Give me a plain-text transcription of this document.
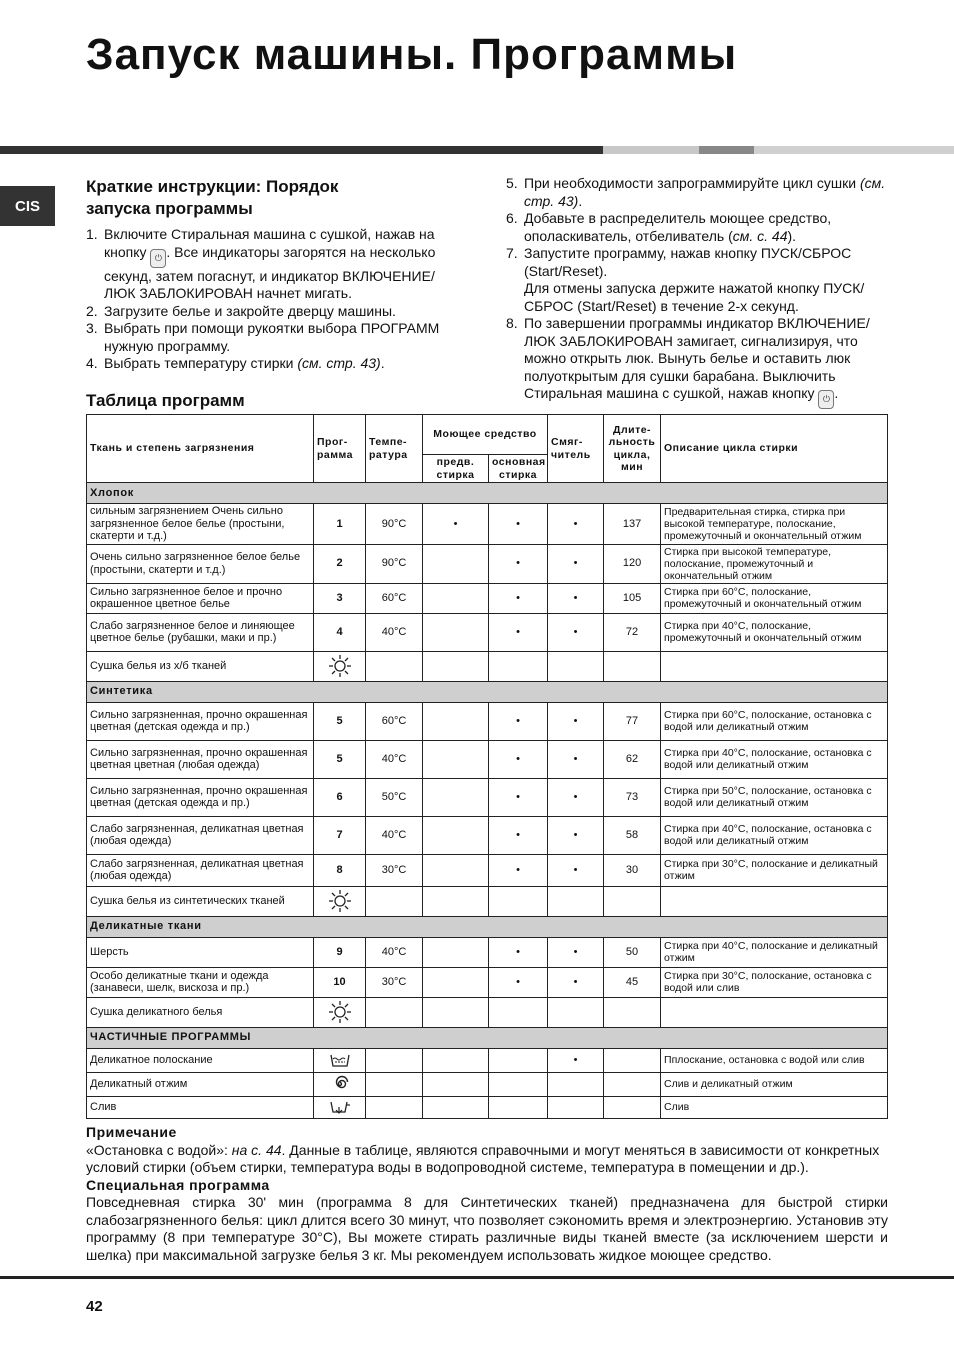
Запуск машины. Программы
CIS
Краткие инструкции: Порядок
запуска программы
1. Включите Стиральная машина с сушкой, нажав на кнопку ⏻ . Все индикаторы загорятся на несколько секунд, затем погаснут, и индикатор ВКЛЮЧЕНИЕ/ЛЮК ЗАБЛОКИРОВАН начнет мигать.
2. Загрузите белье и закройте дверцу машины.
3. Выбрать при помощи рукоятки выбора ПРОГРАММ нужную программу.
4. Выбрать температуру стирки (см. стр. 43).
5. При необходимости запрограммируйте цикл сушки (см. стр. 43).
6. Добавьте в распределитель моющее средство, ополаскиватель, отбеливатель (см. с. 44).
7. Запустите программу, нажав кнопку ПУСК/СБРОС (Start/Reset).
Для отмены запуска держите нажатой кнопку ПУСК/СБРОС (Start/Reset) в течение 2-х секунд.
8. По завершении программы индикатор ВКЛЮЧЕНИЕ/ЛЮК ЗАБЛОКИРОВАН замигает, сигнализируя, что можно открыть люк. Вынуть белье и оставить люк полуоткрытым для сушки барабана. Выключить Стиральная машина с сушкой, нажав кнопку ⏻ .
Таблица программ
Ткань и степень загрязнения	Прог-рамма	Темпе-ратура	Моющее средство		Смяг-читель	Длите-льность цикла, мин	Описание цикла стирки
			предв. стирка	основная стирка			
Хлопок							
сильным загрязнением Очень сильно загрязненное белое белье (простыни, скатерти и т.д.)	1	90°C	•	•	•	137	Предварительная стирка, стирка при высокой температуре, полоскание, промежуточный и окончательный отжим
Очень сильно загрязненное белое белье (простыни, скатерти и т.д.)	2	90°C		•	•	120	Стирка при высокой температуре, полоскание, промежуточный и окончательный отжим
Сильно загрязненное белое и прочно окрашенное цветное белье	3	60°C		•	•	105	Стирка при 60°С, полоскание, промежуточный и окончательный отжим
Слабо загрязненное белое и линяющее цветное белье (рубашки, маки и пр.)	4	40°C		•	•	72	Стирка при 40°С, полоскание, промежуточный и окончательный отжим
Сушка белья из х/б тканей	

Синтетика							
Сильно загрязненная, прочно окрашенная цветная (детская одежда и пр.)	5	60°C		•	•	77	Стирка при 60°С, полоскание, остановка с водой или деликатный отжим
Сильно загрязненная, прочно окрашенная цветная цветная (любая одежда)	5	40°C		•	•	62	Стирка при 40°С, полоскание, остановка с водой или деликатный отжим
Сильно загрязненная, прочно окрашенная цветная (детская одежда и пр.)	6	50°C		•	•	73	Стирка при 50°С, полоскание, остановка с водой или деликатный отжим
Слабо загрязненная, деликатная цветная (любая одежда)	7	40°C		•	•	58	Стирка при 40°С, полоскание, остановка с водой или деликатный отжим
Слабо загрязненная, деликатная цветная (любая одежда)	8	30°C		•	•	30	Стирка при 30°С, полоскание и деликатный отжим
Сушка белья из синтетических тканей	

Деликатные ткани							
Шерсть	9	40°C		•	•	50	Стирка при 40°С, полоскание и деликатный отжим
Особо деликатные ткани и одежда (занавеси, шелк, вискоза и пр.)	10	30°C		•	•	45	Стирка при 30°С, полоскание, остановка с водой или слив
Сушка деликатного белья	

ЧАСТИЧНЫЕ ПРОГРАММЫ							
Деликатное полоскание					•		Пплоскание, остановка с водой или слив
Деликатный отжим							Слив и деликатный отжим
Слив							Слив
Примечание
«Остановка с водой»: на с. 44. Данные в таблице, являются справочными и могут меняться в зависимости от конкретных условий стирки (объем стирки, температура воды в водопроводной системе, температура в помещении и др.).
Специальная программа
Повседневная стирка 30' мин (программа 8 для Синтетических тканей) предназначена для быстрой стирки слабозагрязненного белья: цикл длится всего 30 минут, что позволяет сэкономить время и электроэнергию. Установив эту программу (8 при температуре 30°C), Вы можете стирать различные виды тканей вместе (за исключением шерсти и шелка) при максимальной загрузке белья 3 кг. Мы рекомендуем использовать жидкое моющее средство.
42
